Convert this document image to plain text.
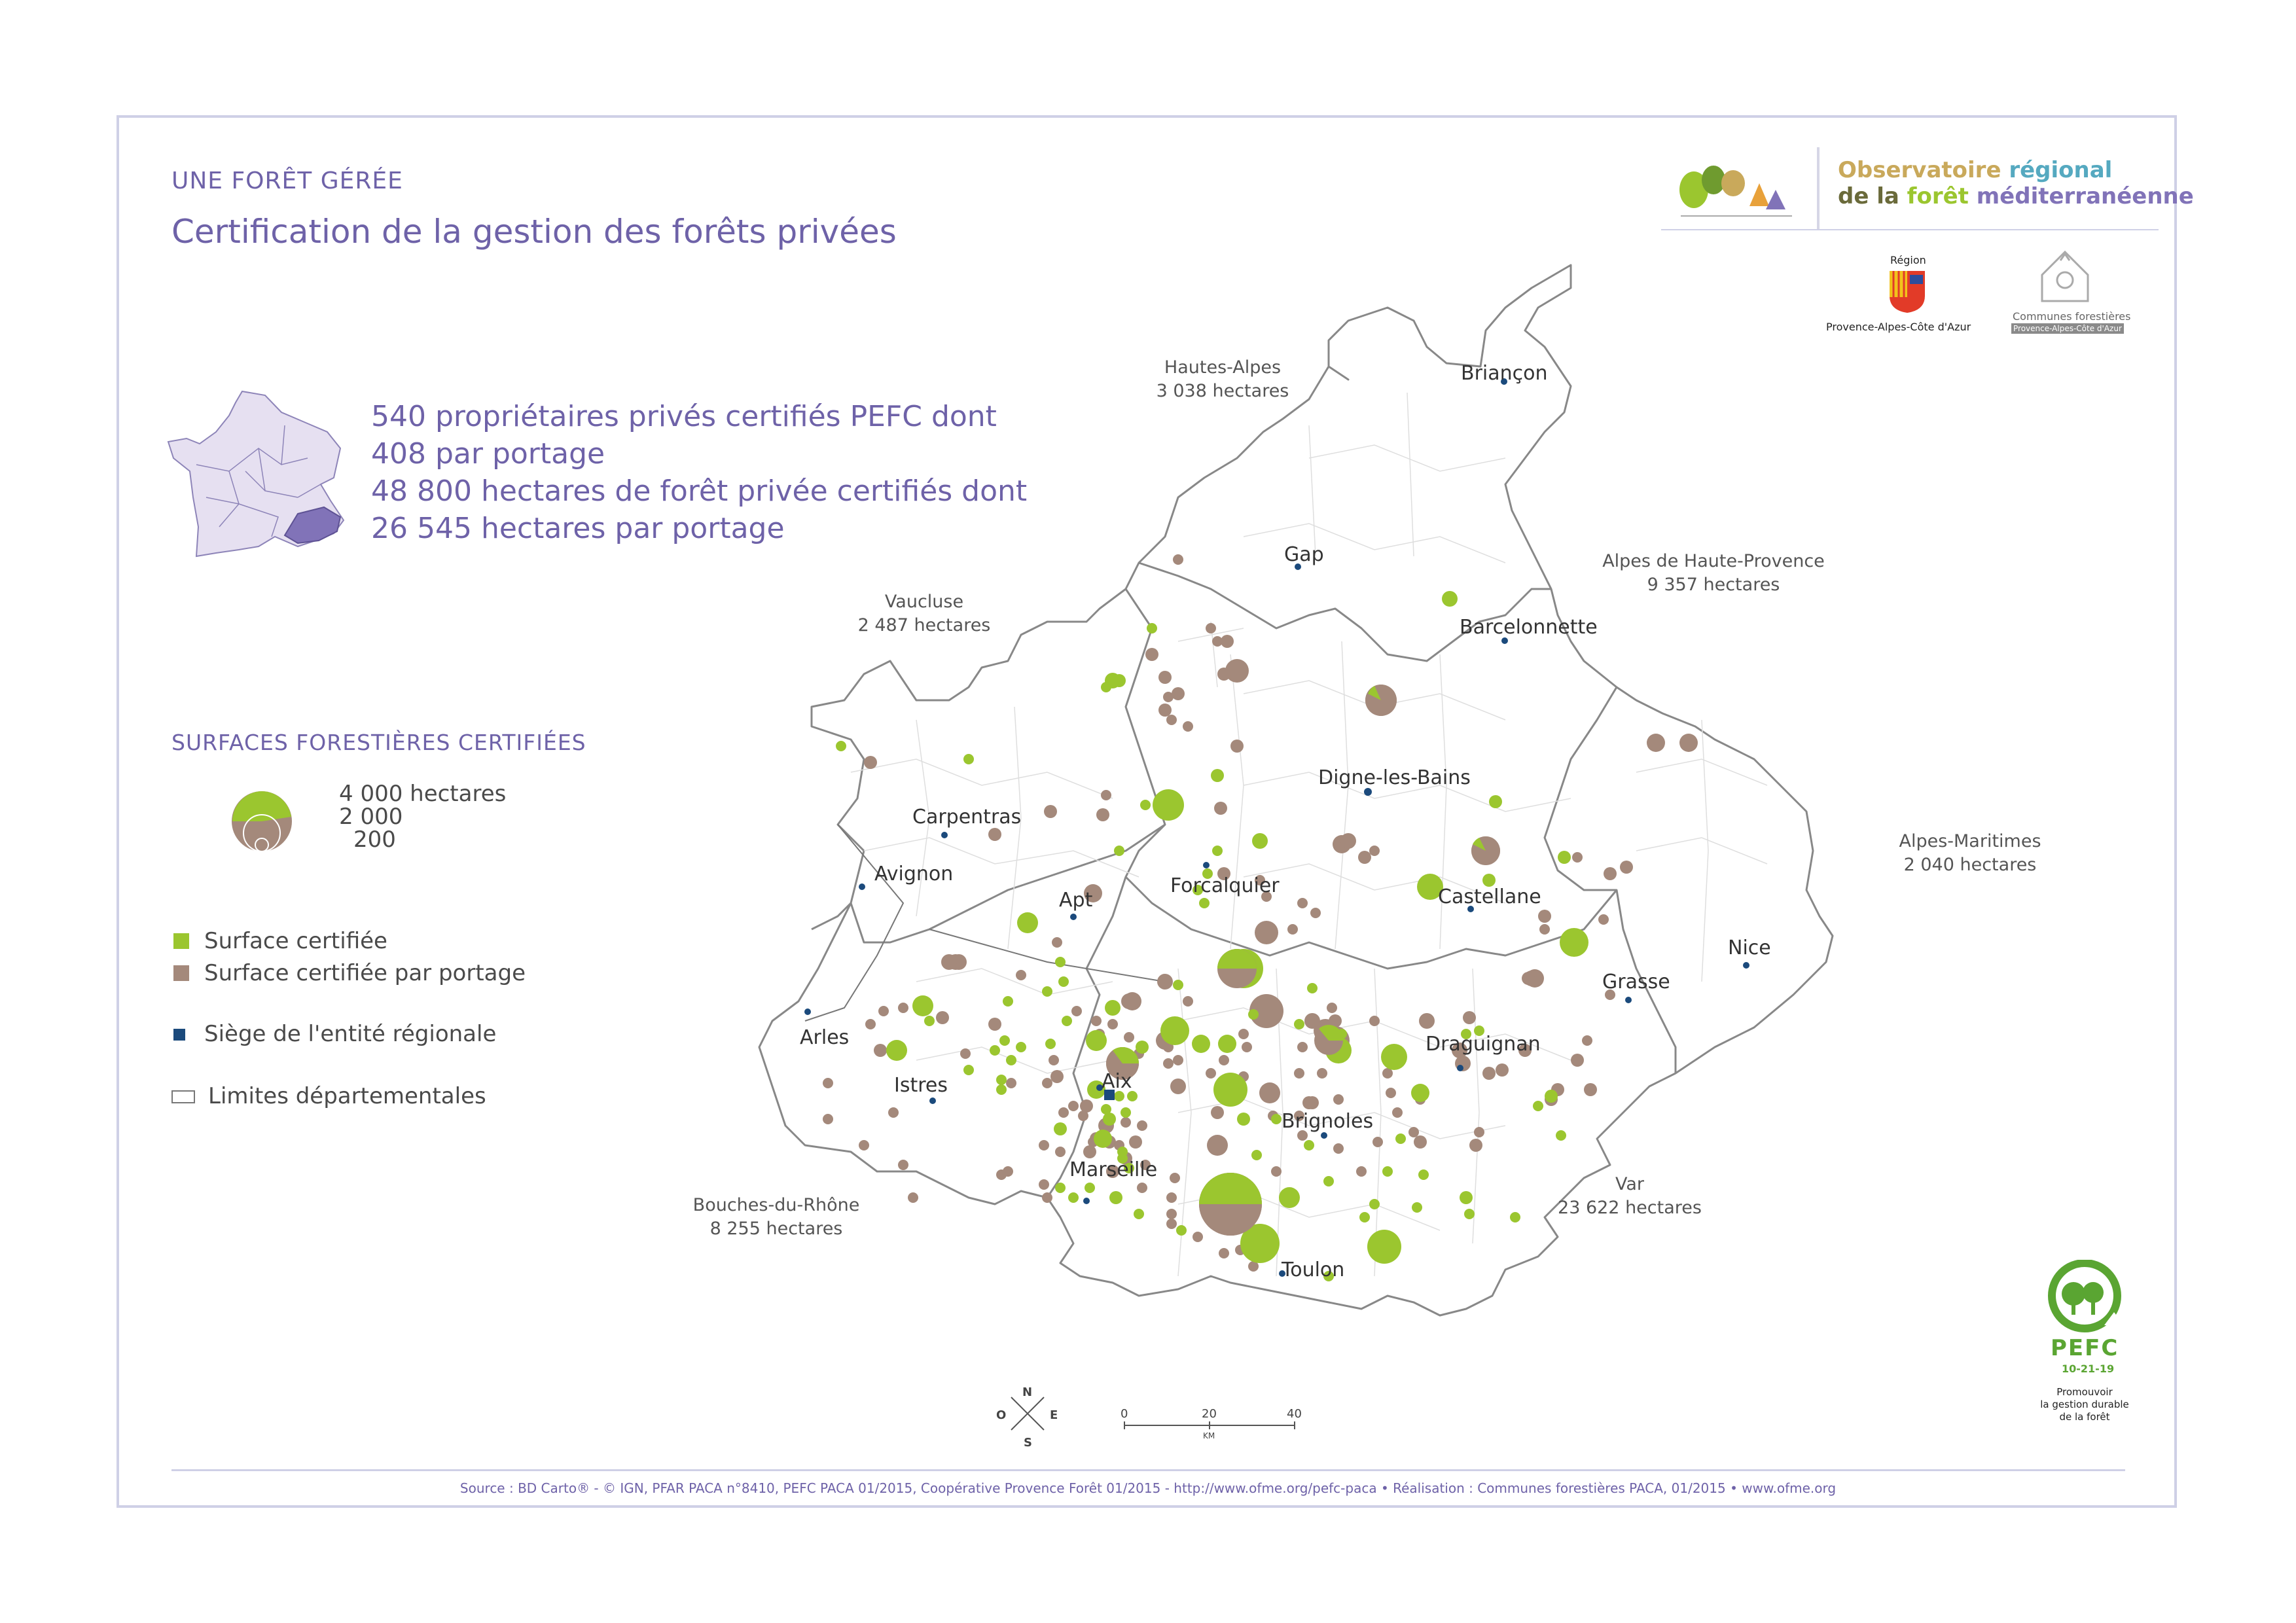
UNE FORÊT GÉRÉE
Certification de la gestion des forêts privées
540 propriétaires privés certifiés PEFC dont
408 par portage
48 800 hectares de forêt privée certifiés dont
26 545 hectares par portage
SURFACES FORESTIÈRES CERTIFIÉES
4 000 hectares
2 000
200
Surface certifiée
Surface certifiée par portage
Siège de l'entité régionale
Limites départementales
Briançon
Gap
Barcelonnette
Digne-les-Bains
Carpentras
Avignon
Apt
Forcalquier	Castellane
Nice
Grasse
Arles	Draguignan
Istres	Aix
Brignoles
Marseille
Toulon
Hautes-Alpes
3 038 hectares
Alpes de Haute-Provence
9 357 hectares
Vaucluse
2 487 hectares
Alpes-Maritimes
2 040 hectares
Bouches-du-Rhône
8 255 hectares
Var
23 622 hectares
N
S
E
O	0	20	40
KM
Observatoire régional
de la forêt méditerranéenne
Région
Provence-Alpes-Côte d'Azur
Communes forestières
Provence-Alpes-Côte d'Azur
PEFC
10-21-19
Promouvoir
la gestion durable
de la forêt
Source : BD Carto® - © IGN, PFAR PACA n°8410, PEFC PACA 01/2015, Coopérative Provence Forêt 01/2015 - http://www.ofme.org/pefc-paca • Réalisation : Communes forestières PACA, 01/2015 • www.ofme.org
